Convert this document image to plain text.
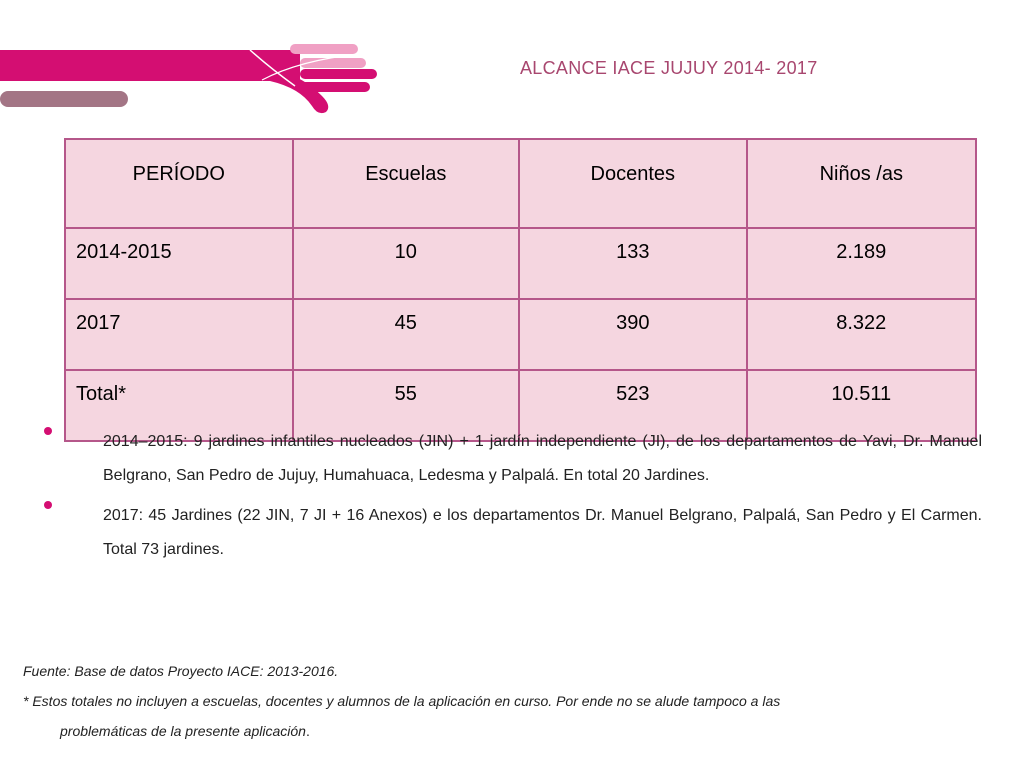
ALCANCE IACE JUJUY 2014- 2017
PERÍODO	Escuelas	Docentes	Niños /as
2014-2015	10	133	2.189
2017	45	390	8.322
Total*	55	523	10.511
2014–2015: 9 jardines infantiles nucleados (JIN) + 1 jardín independiente (JI), de los departamentos de Yavi, Dr. Manuel Belgrano, San Pedro de Jujuy, Humahuaca, Ledesma y Palpalá. En total 20 Jardines.
2017: 45 Jardines (22 JIN, 7 JI + 16 Anexos) e los departamentos Dr. Manuel Belgrano, Palpalá, San Pedro y El Carmen. Total 73 jardines.
Fuente: Base de datos Proyecto IACE: 2013-2016.
* Estos totales no incluyen a escuelas, docentes y alumnos de la aplicación en curso. Por ende no se alude tampoco a las
problemáticas de la presente aplicación.
